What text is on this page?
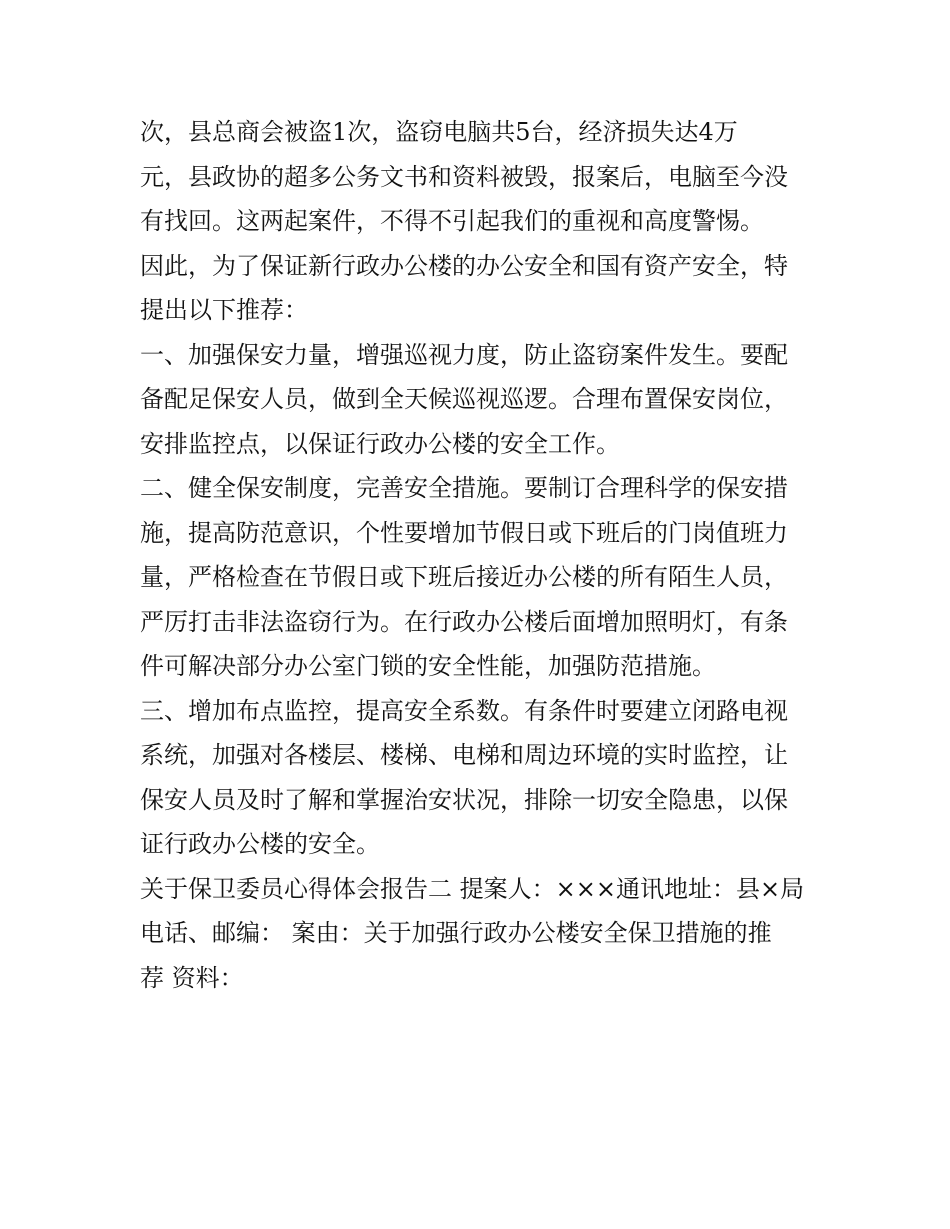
次，县总商会被盗1次，盗窃电脑共5台，经济损失达4万
元，县政协的超多公务文书和资料被毁，报案后，电脑至今没
有找回。这两起案件，不得不引起我们的重视和高度警惕。
因此，为了保证新行政办公楼的办公安全和国有资产安全，特
提出以下推荐：
一、加强保安力量，增强巡视力度，防止盗窃案件发生。要配
备配足保安人员，做到全天候巡视巡逻。合理布置保安岗位，
安排监控点，以保证行政办公楼的安全工作。
二、健全保安制度，完善安全措施。要制订合理科学的保安措
施，提高防范意识，个性要增加节假日或下班后的门岗值班力
量，严格检查在节假日或下班后接近办公楼的所有陌生人员，
严厉打击非法盗窃行为。在行政办公楼后面增加照明灯，有条
件可解决部分办公室门锁的安全性能，加强防范措施。
三、增加布点监控，提高安全系数。有条件时要建立闭路电视
系统，加强对各楼层、楼梯、电梯和周边环境的实时监控，让
保安人员及时了解和掌握治安状况，排除一切安全隐患，以保
证行政办公楼的安全。
关于保卫委员心得体会报告二 提案人：×××通讯地址：县×局
电话、邮编： 案由：关于加强行政办公楼安全保卫措施的推
荐 资料：
